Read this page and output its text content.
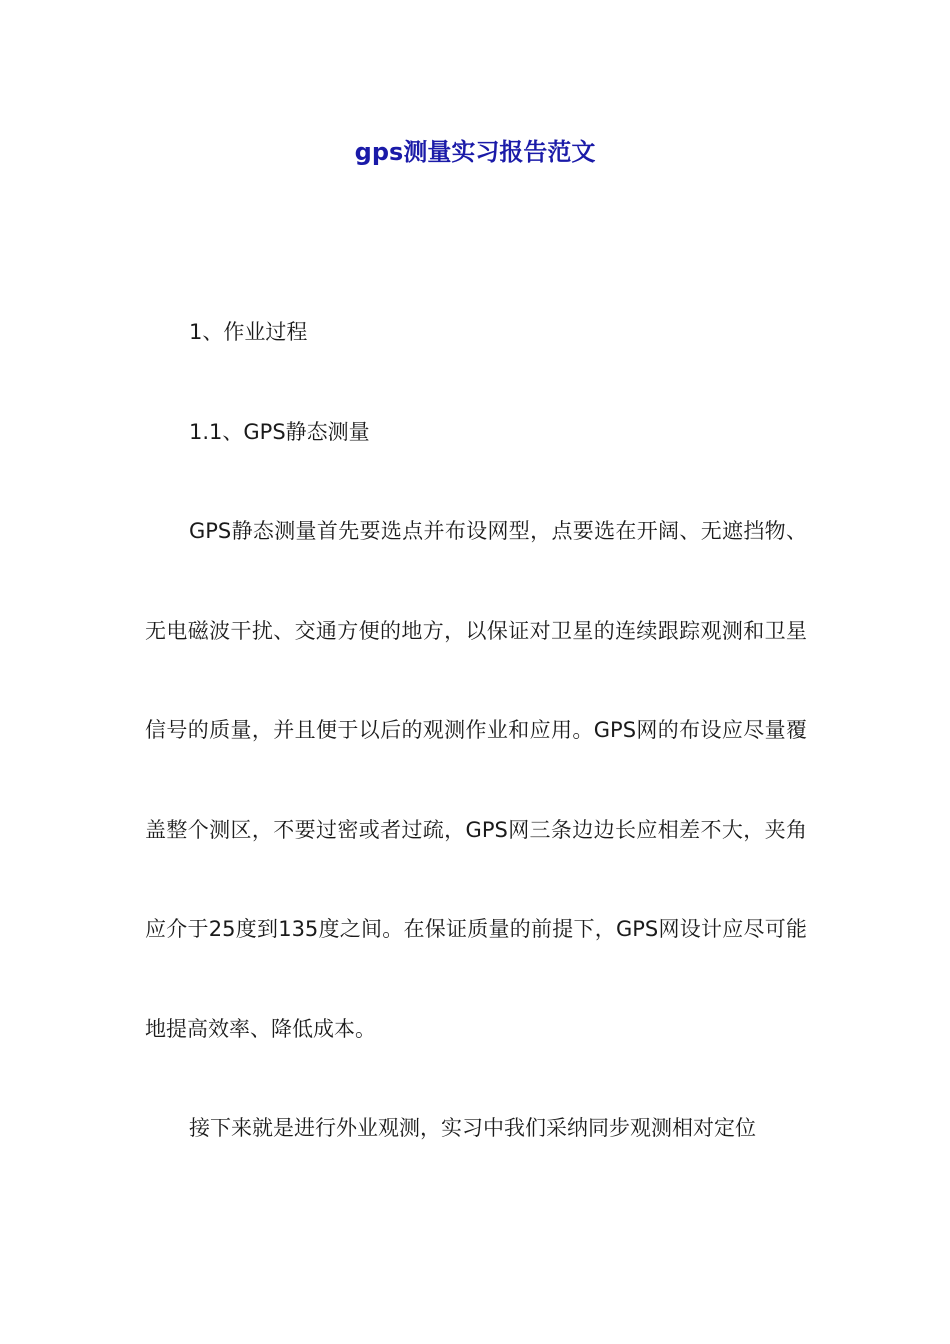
gps测量实习报告范文

1、作业过程

1.1、GPS静态测量

GPS静态测量首先要选点并布设网型，点要选在开阔、无遮挡物、无电磁波干扰、交通方便的地方，以保证对卫星的连续跟踪观测和卫星信号的质量，并且便于以后的观测作业和应用。GPS网的布设应尽量覆盖整个测区，不要过密或者过疏，GPS网三条边边长应相差不大，夹角应介于25度到135度之间。在保证质量的前提下，GPS网设计应尽可能地提高效率、降低成本。

接下来就是进行外业观测，实习中我们采纳同步观测相对定位
